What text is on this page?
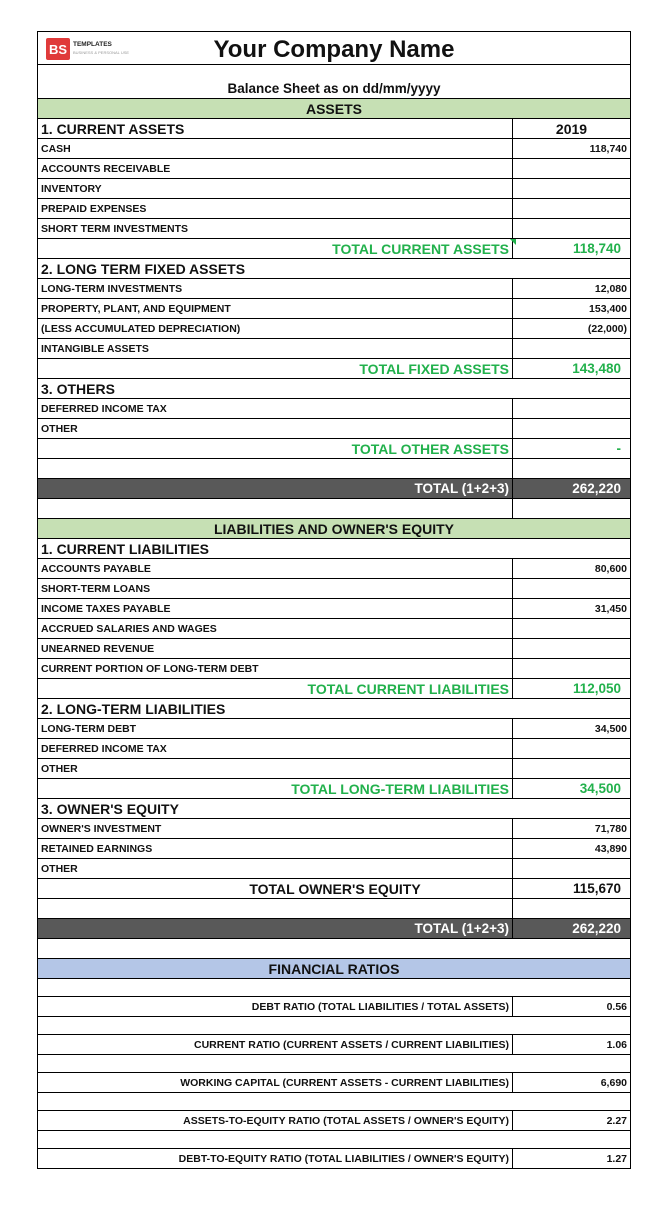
BS TEMPLATES
BUSINESS & PERSONAL USE	Your Company Name
Balance Sheet as on dd/mm/yyyy
ASSETS
1. CURRENT ASSETS	2019
CASH	118,740
ACCOUNTS RECEIVABLE
INVENTORY
PREPAID EXPENSES
SHORT TERM INVESTMENTS
TOTAL CURRENT ASSETS	118,740
2. LONG TERM FIXED ASSETS
LONG-TERM INVESTMENTS	12,080
PROPERTY, PLANT, AND EQUIPMENT	153,400
(LESS ACCUMULATED DEPRECIATION)	(22,000)
INTANGIBLE ASSETS
TOTAL FIXED ASSETS	143,480
3. OTHERS
DEFERRED INCOME TAX
OTHER
TOTAL OTHER ASSETS	-
TOTAL (1+2+3)	262,220
LIABILITIES AND OWNER'S EQUITY
1. CURRENT LIABILITIES
ACCOUNTS PAYABLE	80,600
SHORT-TERM LOANS
INCOME TAXES PAYABLE	31,450
ACCRUED SALARIES AND WAGES
UNEARNED REVENUE
CURRENT PORTION OF LONG-TERM DEBT
TOTAL CURRENT LIABILITIES	112,050
2. LONG-TERM LIABILITIES
LONG-TERM DEBT	34,500
DEFERRED INCOME TAX
OTHER
TOTAL LONG-TERM LIABILITIES	34,500
3. OWNER'S EQUITY
OWNER'S INVESTMENT	71,780
RETAINED EARNINGS	43,890
OTHER
TOTAL OWNER'S EQUITY	115,670
TOTAL (1+2+3)	262,220
FINANCIAL RATIOS
DEBT RATIO (TOTAL LIABILITIES / TOTAL ASSETS)	0.56
CURRENT RATIO (CURRENT ASSETS / CURRENT LIABILITIES)	1.06
WORKING CAPITAL (CURRENT ASSETS - CURRENT LIABILITIES)	6,690
ASSETS-TO-EQUITY RATIO (TOTAL ASSETS / OWNER'S EQUITY)	2.27
DEBT-TO-EQUITY RATIO (TOTAL LIABILITIES / OWNER'S EQUITY)	1.27
